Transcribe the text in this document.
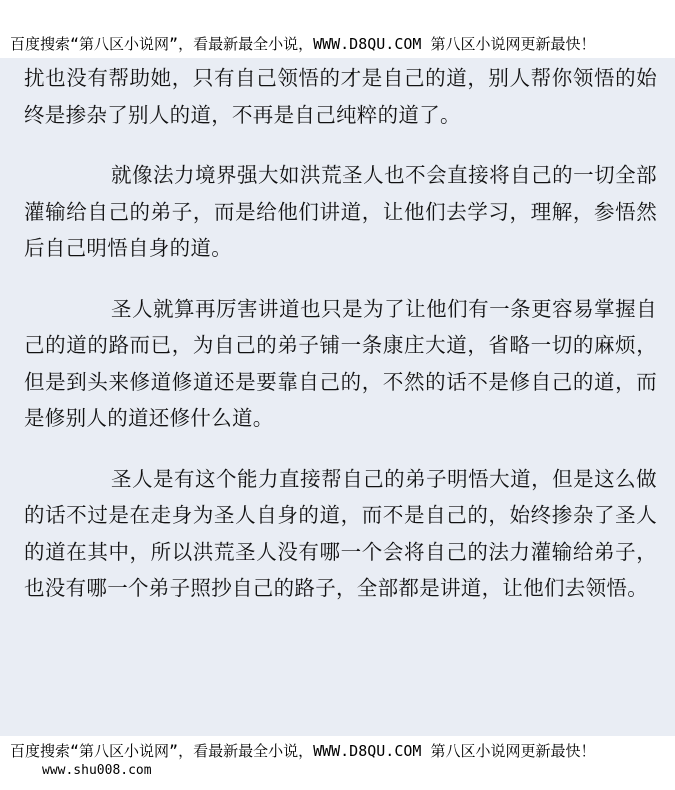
百度搜索“第八区小说网”，看最新最全小说，WWW.D8QU.COM 第八区小说网更新最快！

扰也没有帮助她，只有自己领悟的才是自己的道，别人帮你领悟的始终是掺杂了别人的道，不再是自己纯粹的道了。

就像法力境界强大如洪荒圣人也不会直接将自己的一切全部灌输给自己的弟子，而是给他们讲道，让他们去学习，理解，参悟然后自己明悟自身的道。

圣人就算再厉害讲道也只是为了让他们有一条更容易掌握自己的道的路而已，为自己的弟子铺一条康庄大道，省略一切的麻烦，但是到头来修道修道还是要靠自己的，不然的话不是修自己的道，而是修别人的道还修什么道。

圣人是有这个能力直接帮自己的弟子明悟大道，但是这么做的话不过是在走身为圣人自身的道，而不是自己的，始终掺杂了圣人的道在其中，所以洪荒圣人没有哪一个会将自己的法力灌输给弟子，也没有哪一个弟子照抄自己的路子，全部都是讲道，让他们去领悟。

百度搜索“第八区小说网”，看最新最全小说，WWW.D8QU.COM 第八区小说网更新最快！
www.shu008.com
